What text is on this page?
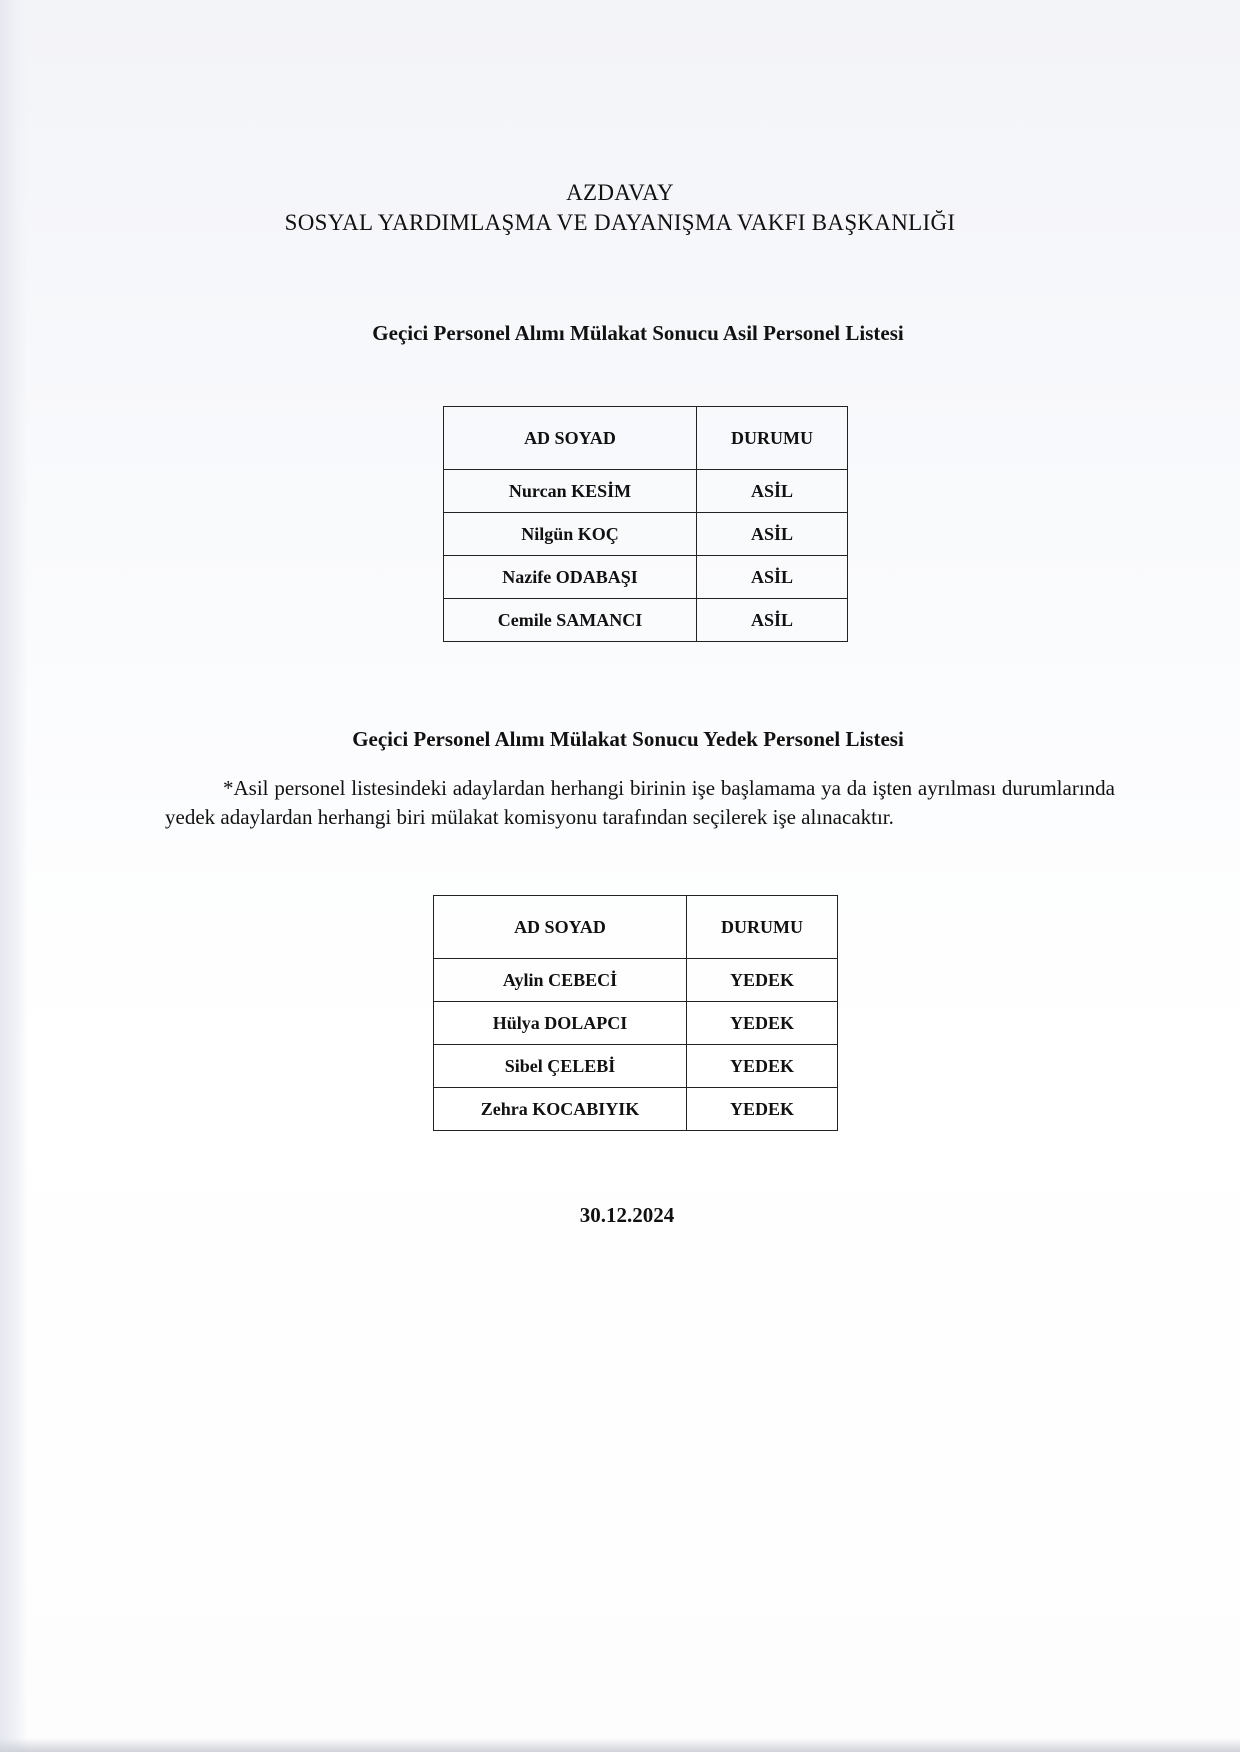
AZDAVAY
SOSYAL YARDIMLAŞMA VE DAYANIŞMA VAKFI BAŞKANLIĞI
Geçici Personel Alımı Mülakat Sonucu Asil Personel Listesi
AD SOYAD	DURUMU
Nurcan KESİM	ASİL
Nilgün KOÇ	ASİL
Nazife ODABAŞI	ASİL
Cemile SAMANCI	ASİL
Geçici Personel Alımı Mülakat Sonucu Yedek Personel Listesi
*Asil personel listesindeki adaylardan herhangi birinin işe başlamama ya da işten ayrılması durumlarında yedek adaylardan herhangi biri mülakat komisyonu tarafından seçilerek işe alınacaktır.
AD SOYAD	DURUMU
Aylin CEBECİ	YEDEK
Hülya DOLAPCI	YEDEK
Sibel ÇELEBİ	YEDEK
Zehra KOCABIYIK	YEDEK
30.12.2024
